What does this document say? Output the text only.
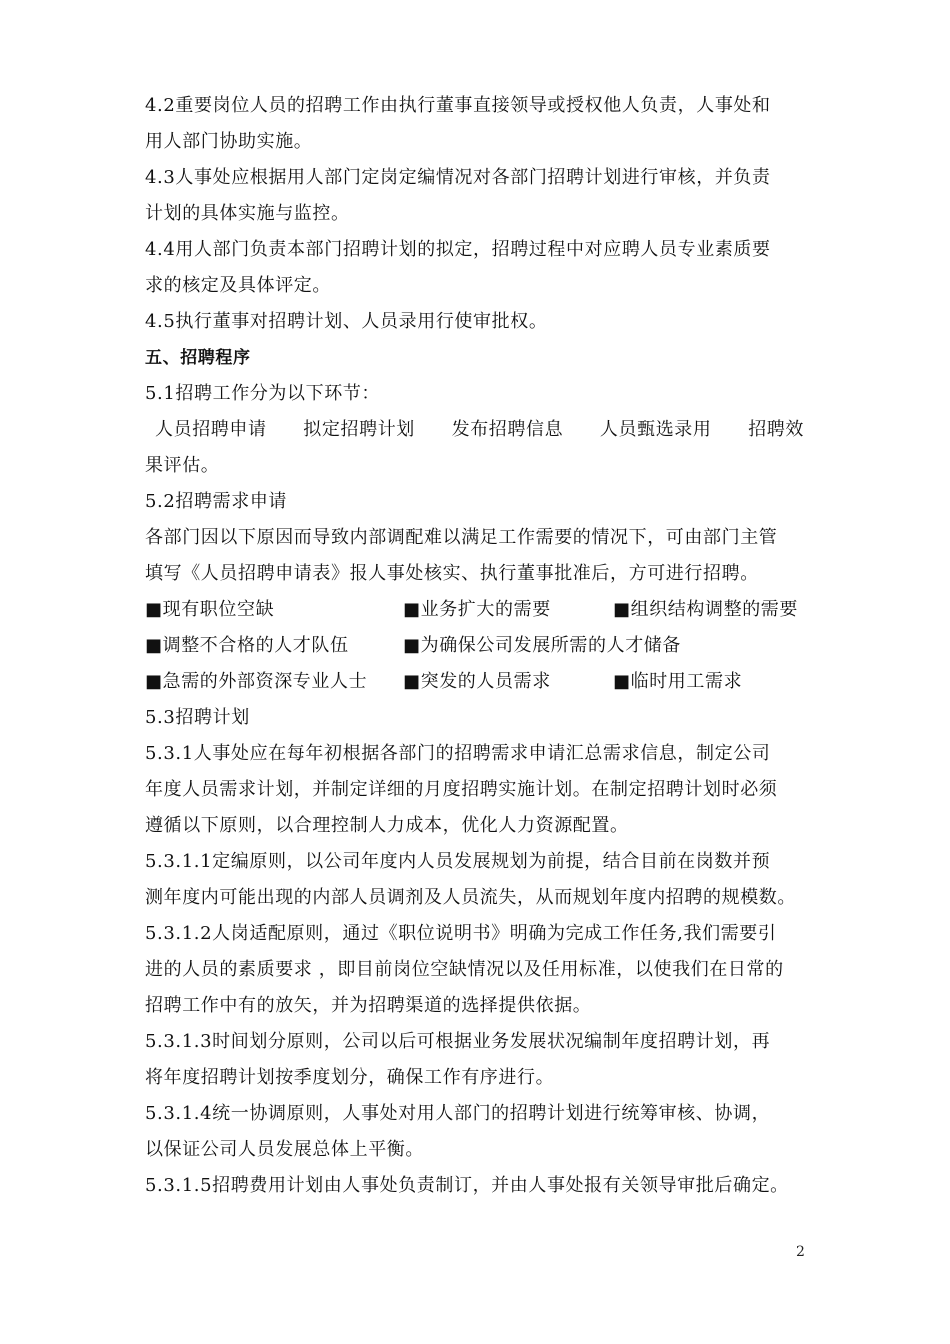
4.2重要岗位人员的招聘工作由执行董事直接领导或授权他人负责，人事处和
用人部门协助实施。
4.3人事处应根据用人部门定岗定编情况对各部门招聘计划进行审核，并负责
计划的具体实施与监控。
4.4用人部门负责本部门招聘计划的拟定，招聘过程中对应聘人员专业素质要
求的核定及具体评定。
4.5执行董事对招聘计划、人员录用行使审批权。
五、招聘程序
5.1招聘工作分为以下环节：
人员招聘申请 拟定招聘计划 发布招聘信息 人员甄选录用 招聘效
果评估。
5.2招聘需求申请
各部门因以下原因而导致内部调配难以满足工作需要的情况下，可由部门主管
填写《人员招聘申请表》报人事处核实、执行董事批准后，方可进行招聘。
■现有职位空缺	■业务扩大的需要	■组织结构调整的需要
■调整不合格的人才队伍	■为确保公司发展所需的人才储备
■急需的外部资深专业人士	■突发的人员需求	■临时用工需求
5.3招聘计划
5.3.1人事处应在每年初根据各部门的招聘需求申请汇总需求信息，制定公司
年度人员需求计划，并制定详细的月度招聘实施计划。在制定招聘计划时必须
遵循以下原则，以合理控制人力成本，优化人力资源配置。
5.3.1.1定编原则，以公司年度内人员发展规划为前提，结合目前在岗数并预
测年度内可能出现的内部人员调剂及人员流失，从而规划年度内招聘的规模数。
5.3.1.2人岗适配原则，通过《职位说明书》明确为完成工作任务,我们需要引
进的人员的素质要求 ，即目前岗位空缺情况以及任用标准，以使我们在日常的
招聘工作中有的放矢，并为招聘渠道的选择提供依据。
5.3.1.3时间划分原则，公司以后可根据业务发展状况编制年度招聘计划，再
将年度招聘计划按季度划分，确保工作有序进行。
5.3.1.4统一协调原则，人事处对用人部门的招聘计划进行统筹审核、协调，
以保证公司人员发展总体上平衡。
5.3.1.5招聘费用计划由人事处负责制订，并由人事处报有关领导审批后确定。
2
